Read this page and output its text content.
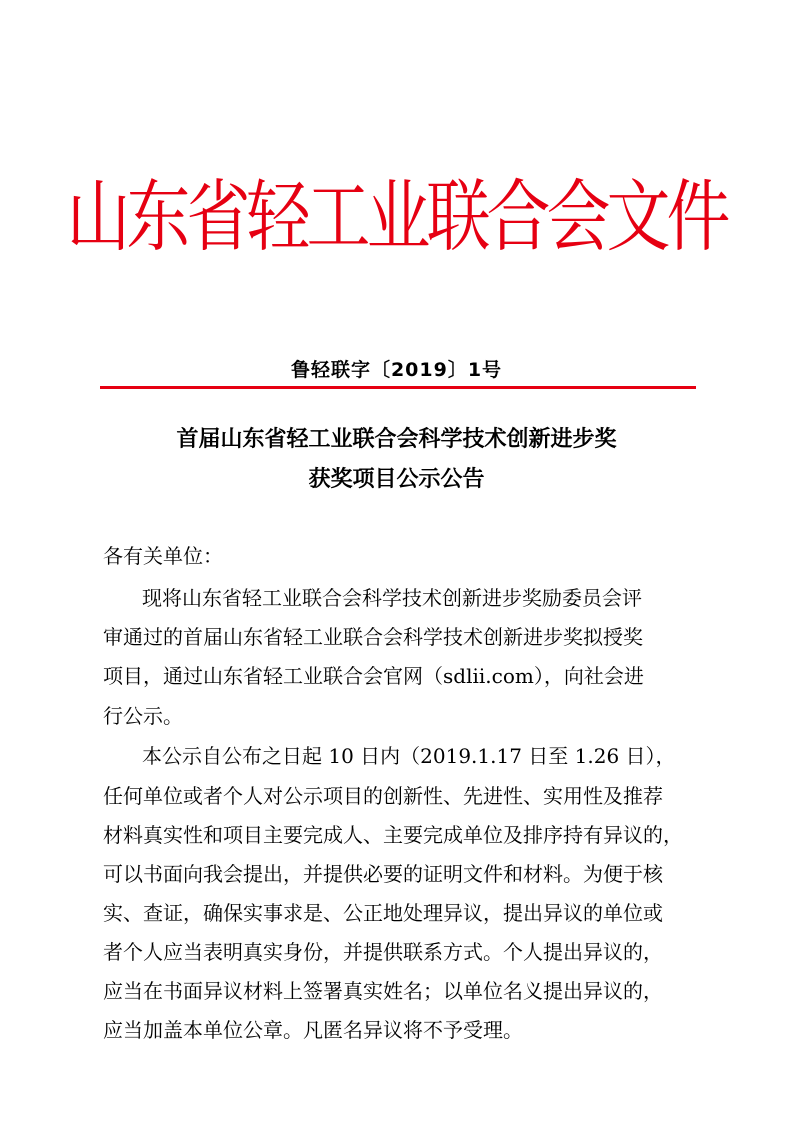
山东省轻工业联合会文件
鲁轻联字〔2019〕1号
首届山东省轻工业联合会科学技术创新进步奖
获奖项目公示公告
各有关单位：
现将山东省轻工业联合会科学技术创新进步奖励委员会评
审通过的首届山东省轻工业联合会科学技术创新进步奖拟授奖
项目，通过山东省轻工业联合会官网（sdlii.com），向社会进
行公示。
本公示自公布之日起 10 日内（2019.1.17 日至 1.26 日），
任何单位或者个人对公示项目的创新性、先进性、实用性及推荐
材料真实性和项目主要完成人、主要完成单位及排序持有异议的，
可以书面向我会提出，并提供必要的证明文件和材料。为便于核
实、查证，确保实事求是、公正地处理异议，提出异议的单位或
者个人应当表明真实身份，并提供联系方式。个人提出异议的，
应当在书面异议材料上签署真实姓名；以单位名义提出异议的，
应当加盖本单位公章。凡匿名异议将不予受理。
